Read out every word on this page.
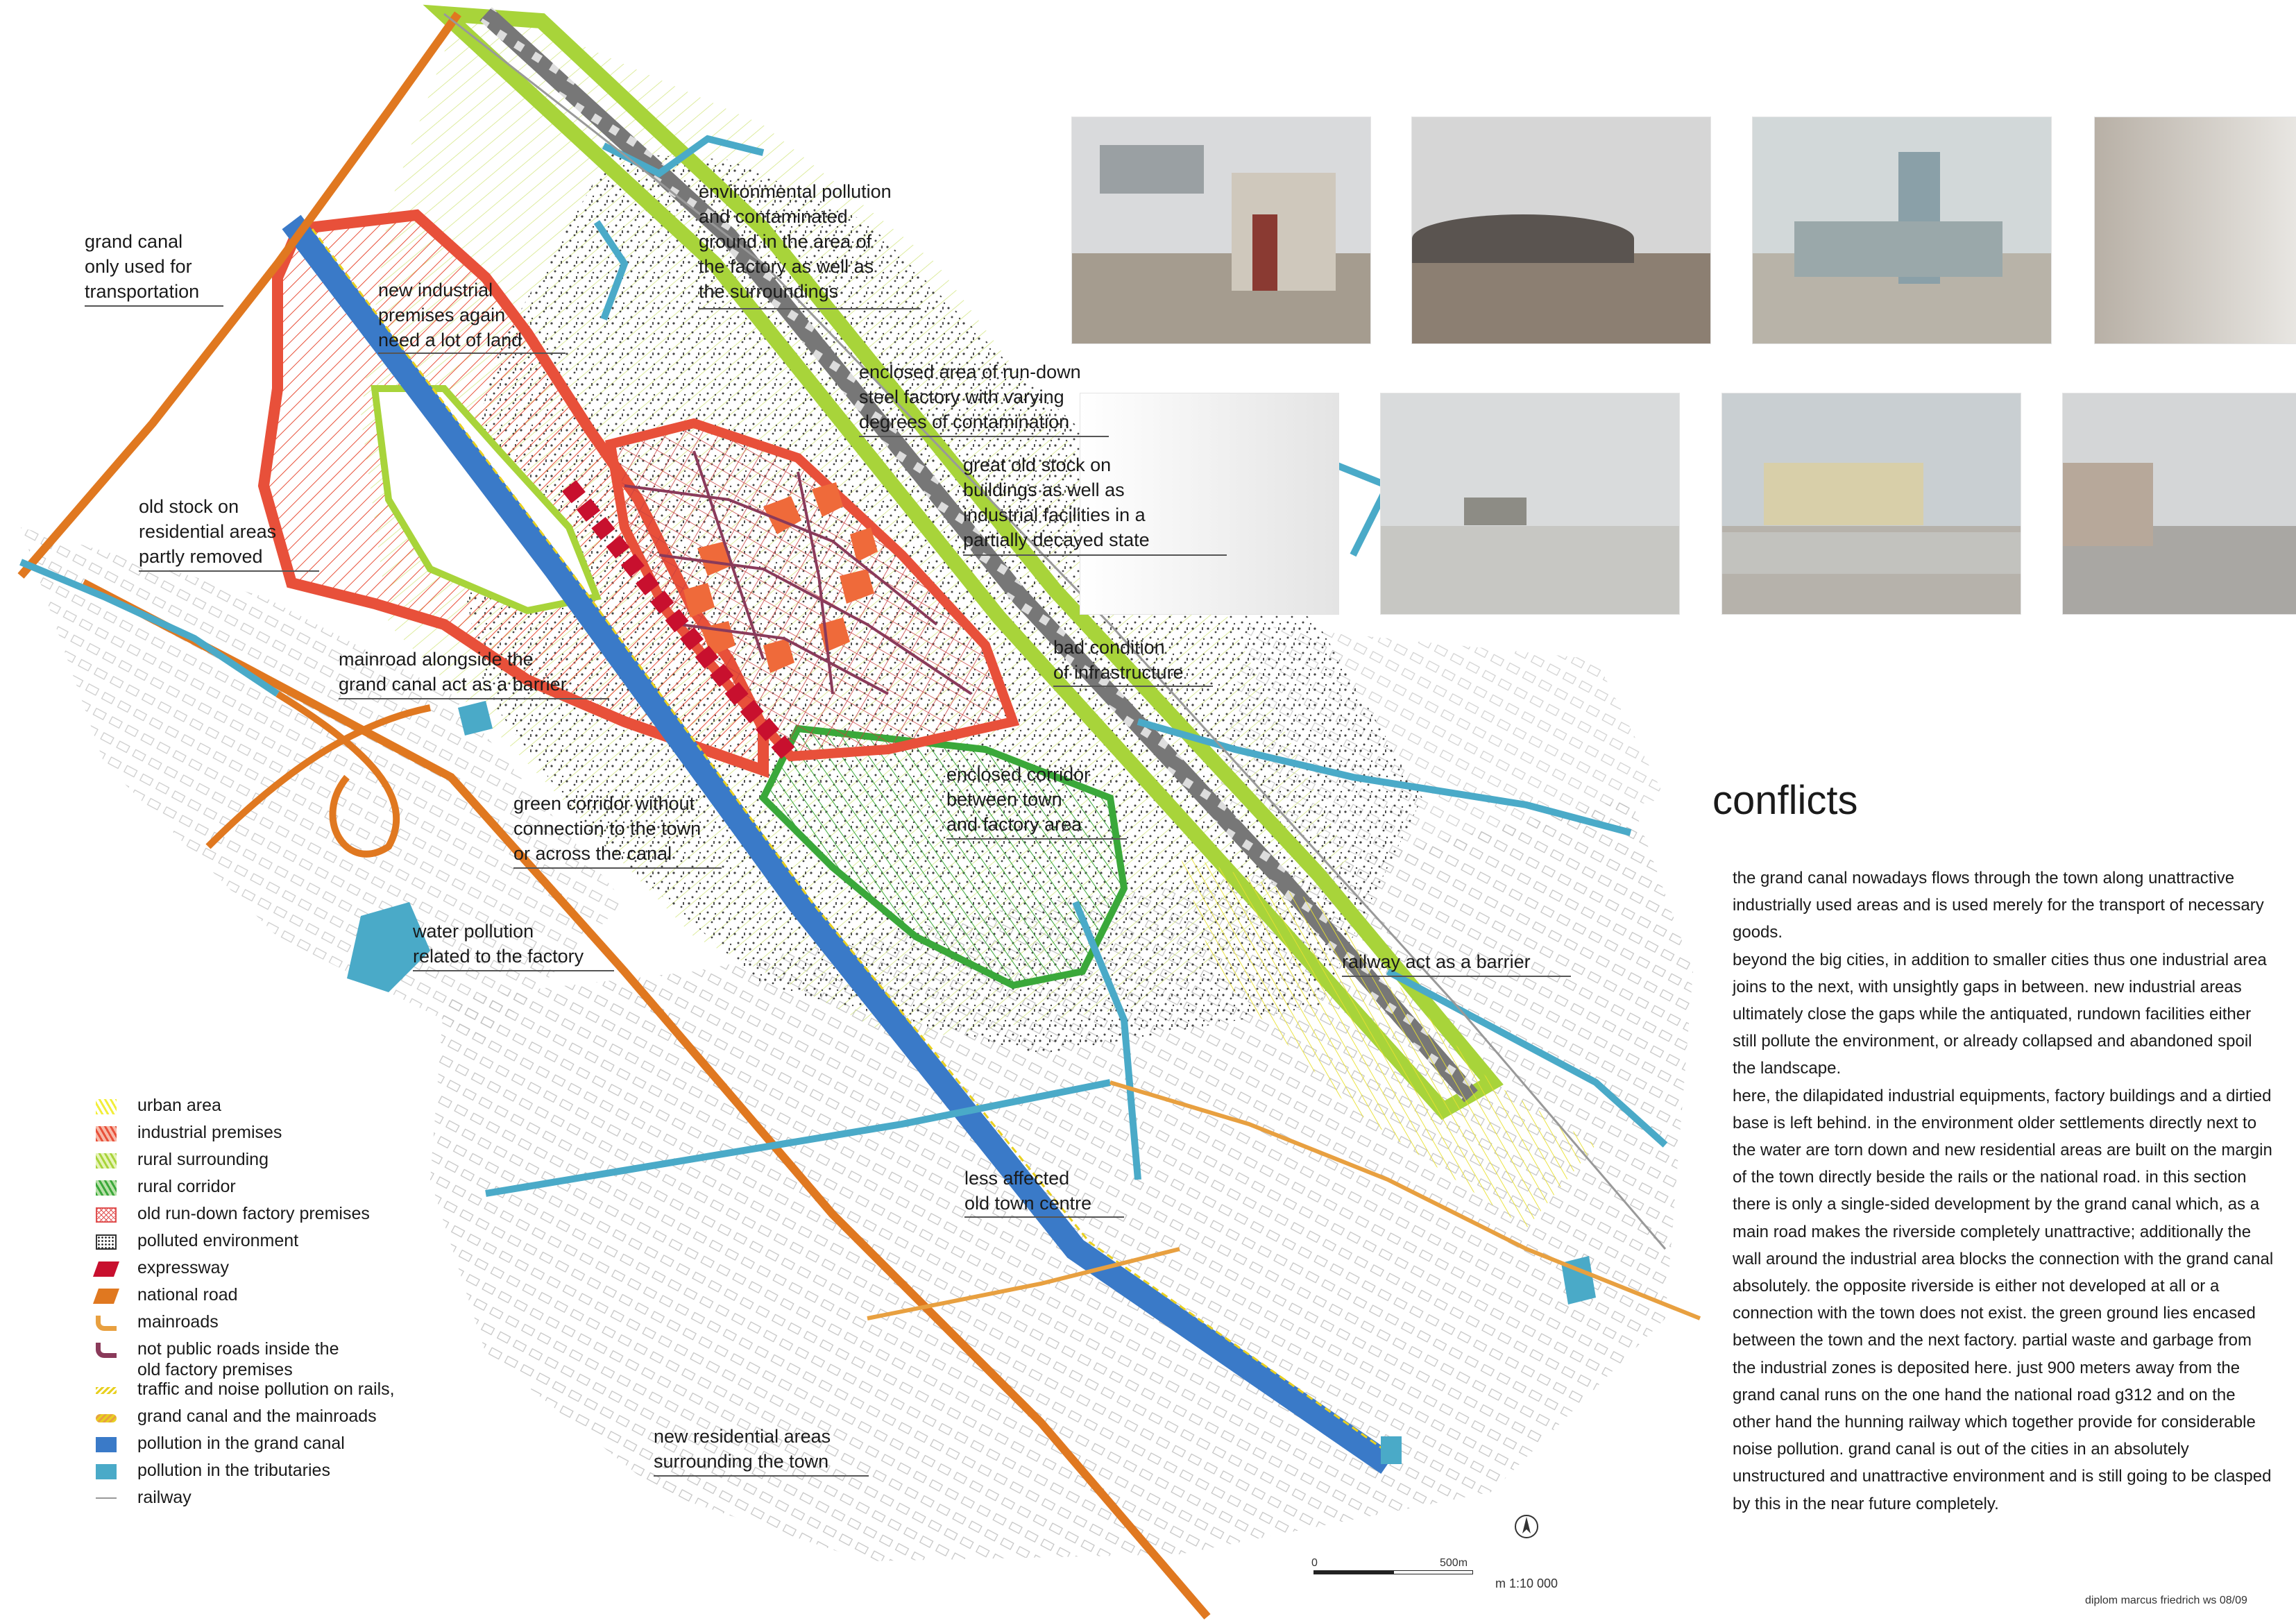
grand canal
only used for
transportation	new industrial
premises again
need a lot of land
environmental pollution
and contaminated
ground in the area of
the factory as well as
the surroundings
enclosed area of run-down
steel factory with varying
degrees of contamination
great old stock on
buildings as well as
industrial facilities in a
partially decayed state
old stock on
residential areas
partly removed
bad condition
of infrastructure
mainroad alongside the
grand canal act as a barrier
enclosed corridor
between town
and factory area
green corridor without
connection to the town
or across the canal
water pollution
related to the factory	railway act as a barrier
less affected
old town centre
new residential areas
surrounding the town
urban area
industrial premises
rural surrounding
rural corridor
old run-down factory premises
polluted environment
expressway
national road
mainroads
not public roads inside the
old factory premises
traffic and noise pollution on rails,
grand canal and the mainroads
pollution in the grand canal
pollution in the tributaries
railway
conflicts
the grand canal nowadays flows through the town along unattractive industrially used areas and is used merely for the transport of necessary goods.
beyond the big cities, in addition to smaller cities thus one industrial area joins to the next, with unsightly gaps in between. new industrial areas ultimately close the gaps while the antiquated, rundown facilities either still pollute the environment, or already collapsed and abandoned spoil the landscape.
here, the dilapidated industrial equipments, factory buildings and a dirtied base is left behind. in the environment older settlements directly next to the water are torn down and new residential areas are built on the margin of the town directly beside the rails or the national road. in this section there is only a single-sided development by the grand canal which, as a main road makes the riverside completely unattractive; additionally the wall around the industrial area blocks the connection with the grand canal absolutely. the opposite riverside is either not developed at all or a connection with the town does not exist. the green ground lies encased between the town and the next factory. partial waste and garbage from the industrial zones is deposited here. just 900 meters away from the grand canal runs on the one hand the national road g312 and on the other hand the hunning railway which together provide for considerable noise pollution. grand canal is out of the cities in an absolutely unstructured and unattractive environment and is still going to be clasped by this in the near future completely.
0	500m
m 1:10 000
diplom marcus friedrich ws 08/09
